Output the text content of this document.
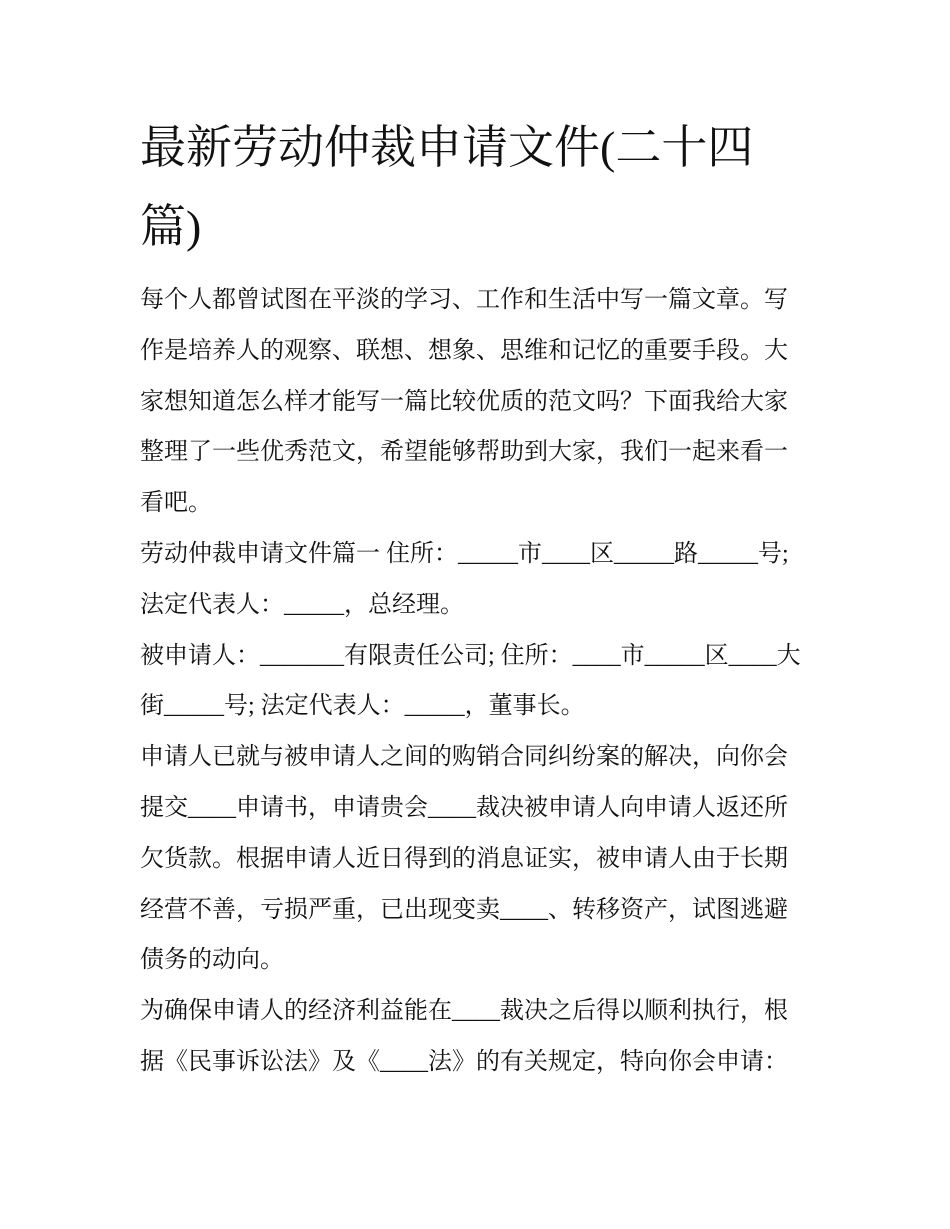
最新劳动仲裁申请文件(二十四
篇)
每个人都曾试图在平淡的学习、工作和生活中写一篇文章。写
作是培养人的观察、联想、想象、思维和记忆的重要手段。大
家想知道怎么样才能写一篇比较优质的范文吗？下面我给大家
整理了一些优秀范文，希望能够帮助到大家，我们一起来看一
看吧。
劳动仲裁申请文件篇一 住所：_____市____区_____路_____号;
法定代表人：_____，总经理。
被申请人：_______有限责任公司; 住所：____市_____区____大
街_____号; 法定代表人：_____，董事长。
申请人已就与被申请人之间的购销合同纠纷案的解决，向你会
提交____申请书，申请贵会____裁决被申请人向申请人返还所
欠货款。根据申请人近日得到的消息证实，被申请人由于长期
经营不善，亏损严重，已出现变卖____、转移资产，试图逃避
债务的动向。
为确保申请人的经济利益能在____裁决之后得以顺利执行，根
据《民事诉讼法》及《____法》的有关规定，特向你会申请：
